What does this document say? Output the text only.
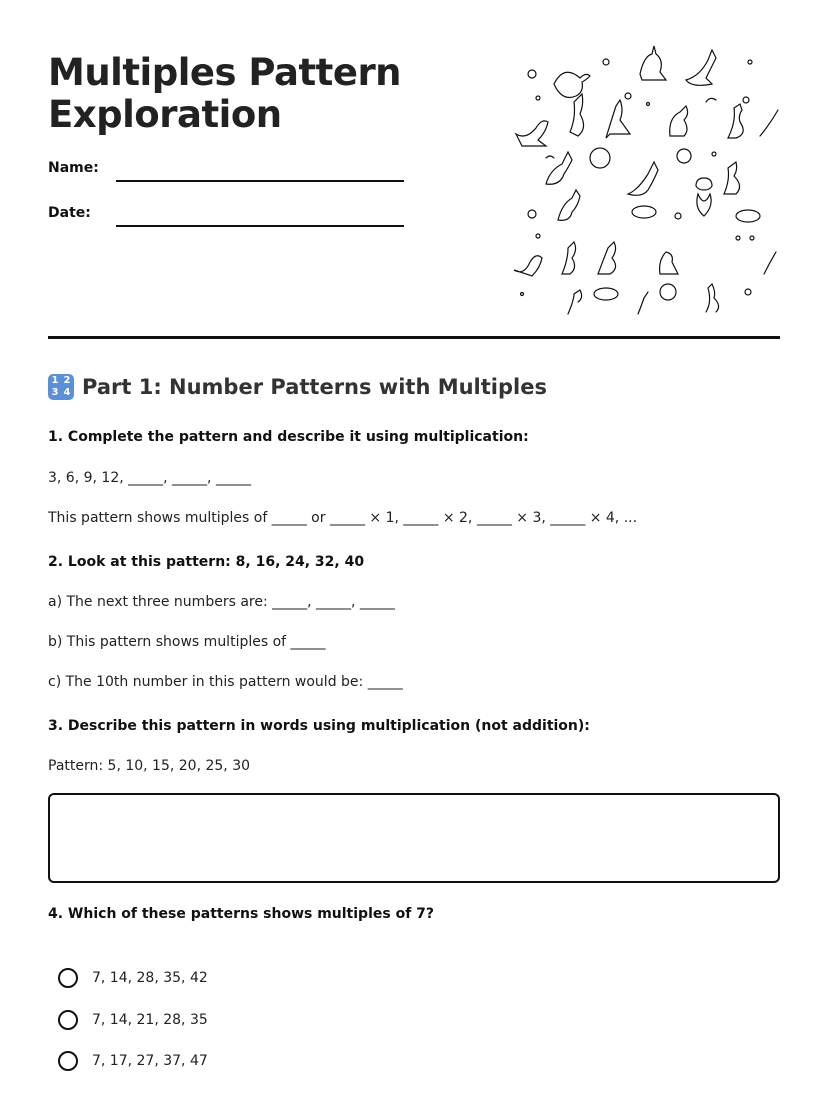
Multiples Pattern Exploration
Name:
Date:
1 2
3 4 Part 1: Number Patterns with Multiples
1. Complete the pattern and describe it using multiplication:
3, 6, 9, 12, _____, _____, _____
This pattern shows multiples of _____ or _____ × 1, _____ × 2, _____ × 3, _____ × 4, ...
2. Look at this pattern: 8, 16, 24, 32, 40
a) The next three numbers are: _____, _____, _____
b) This pattern shows multiples of _____
c) The 10th number in this pattern would be: _____
3. Describe this pattern in words using multiplication (not addition):
Pattern: 5, 10, 15, 20, 25, 30
4. Which of these patterns shows multiples of 7?
7, 14, 28, 35, 42
7, 14, 21, 28, 35
7, 17, 27, 37, 47
